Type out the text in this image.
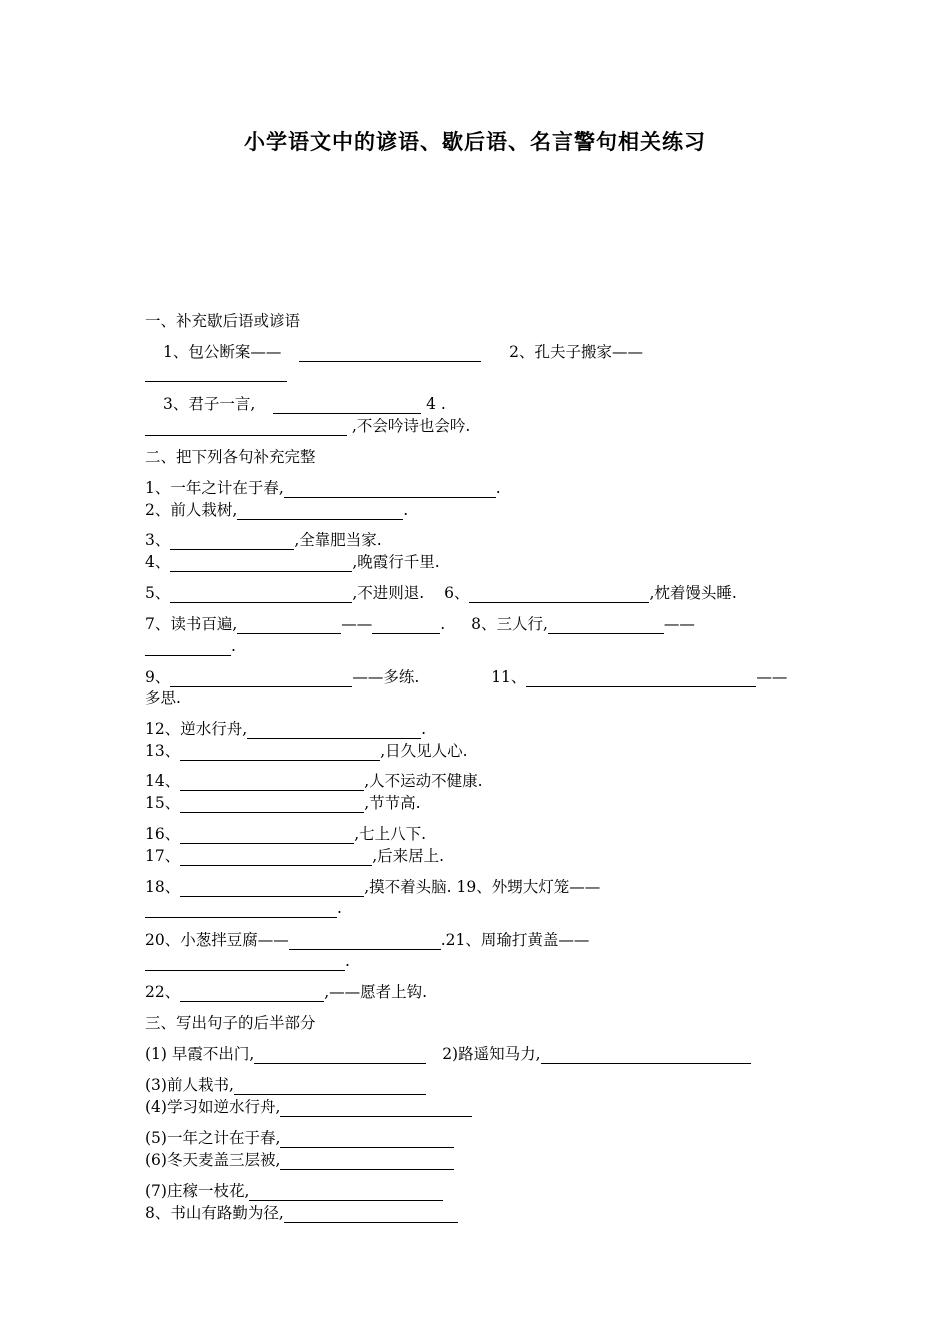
小学语文中的谚语、歇后语、名言警句相关练习
一、补充歇后语或谚语
1、包公断案——	2、孔夫子搬家——
3、君子一言,	4 .
,不会吟诗也会吟.
二、把下列各句补充完整
1、一年之计在于春,	.
2、前人栽树,	.
3、	,全靠肥当家.
4、	,晚霞行千里.
5、	,不进则退. 6、	,枕着馒头睡.
7、读书百遍,	——	. 8、三人行,	——
.
9、	——多练.	11、	——
多思.
12、逆水行舟,	.
13、	,日久见人心.
14、	,人不运动不健康.
15、	,节节高.
16、	,七上八下.
17、	,后来居上.
18、	,摸不着头脑. 19、外甥大灯笼——
.
20、小葱拌豆腐——	.21、周瑜打黄盖——
.
22、	,——愿者上钩.
三、写出句子的后半部分
(1) 早霞不出门,	2)路遥知马力,
(3)前人栽书,
(4)学习如逆水行舟,
(5)一年之计在于春,
(6)冬天麦盖三层被,
(7)庄稼一枝花,
8、书山有路勤为径,
